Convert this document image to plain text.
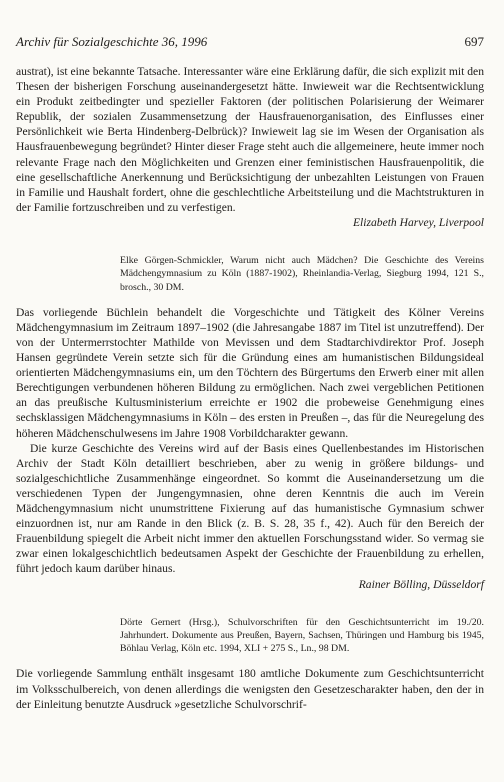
Archiv für Sozialgeschichte 36, 1996	697

austrat), ist eine bekannte Tatsache. Interessanter wäre eine Erklärung dafür, die sich explizit mit den Thesen der bisherigen Forschung auseinandergesetzt hätte. Inwieweit war die Rechtsentwicklung ein Produkt zeitbedingter und spezieller Faktoren (der politischen Polarisierung der Weimarer Republik, der sozialen Zusammensetzung der Hausfrauenorganisation, des Einflusses einer Persönlichkeit wie Berta Hindenberg-Delbrück)? Inwieweit lag sie im Wesen der Organisation als Hausfrauenbewegung begründet? Hinter dieser Frage steht auch die allgemeinere, heute immer noch relevante Frage nach den Möglichkeiten und Grenzen einer feministischen Hausfrauenpolitik, die eine gesellschaftliche Anerkennung und Berücksichtigung der unbezahlten Leistungen von Frauen in Familie und Haushalt fordert, ohne die geschlechtliche Arbeitsteilung und die Machtstrukturen in der Familie fortzuschreiben und zu verfestigen.

Elizabeth Harvey, Liverpool

Elke Görgen-Schmickler, Warum nicht auch Mädchen? Die Geschichte des Vereins Mädchengymnasium zu Köln (1887-1902), Rheinlandia-Verlag, Siegburg 1994, 121 S., brosch., 30 DM.

Das vorliegende Büchlein behandelt die Vorgeschichte und Tätigkeit des Kölner Vereins Mädchengymnasium im Zeitraum 1897–1902 (die Jahresangabe 1887 im Titel ist unzutreffend). Der von der Untermerrstochter Mathilde von Mevissen und dem Stadtarchivdirektor Prof. Joseph Hansen gegründete Verein setzte sich für die Gründung eines am humanistischen Bildungsideal orientierten Mädchengymnasiums ein, um den Töchtern des Bürgertums den Erwerb einer mit allen Berechtigungen verbundenen höheren Bildung zu ermöglichen. Nach zwei vergeblichen Petitionen an das preußische Kultusministerium erreichte er 1902 die probeweise Genehmigung eines sechsklassigen Mädchengymnasiums in Köln – des ersten in Preußen –, das für die Neuregelung des höheren Mädchenschulwesens im Jahre 1908 Vorbildcharakter gewann.

Die kurze Geschichte des Vereins wird auf der Basis eines Quellenbestandes im Historischen Archiv der Stadt Köln detailliert beschrieben, aber zu wenig in größere bildungs- und sozialgeschichtliche Zusammenhänge eingeordnet. So kommt die Auseinandersetzung um die verschiedenen Typen der Jungengymnasien, ohne deren Kenntnis die auch im Verein Mädchengymnasium nicht unumstrittene Fixierung auf das humanistische Gymnasium schwer einzuordnen ist, nur am Rande in den Blick (z. B. S. 28, 35 f., 42). Auch für den Bereich der Frauenbildung spiegelt die Arbeit nicht immer den aktuellen Forschungsstand wider. So vermag sie zwar einen lokalgeschichtlich bedeutsamen Aspekt der Geschichte der Frauenbildung zu erhellen, führt jedoch kaum darüber hinaus.

Rainer Bölling, Düsseldorf

Dörte Gernert (Hrsg.), Schulvorschriften für den Geschichtsunterricht im 19./20. Jahrhundert. Dokumente aus Preußen, Bayern, Sachsen, Thüringen und Hamburg bis 1945, Böhlau Verlag, Köln etc. 1994, XLI + 275 S., Ln., 98 DM.

Die vorliegende Sammlung enthält insgesamt 180 amtliche Dokumente zum Geschichtsunterricht im Volksschulbereich, von denen allerdings die wenigsten den Gesetzescharakter haben, den der in der Einleitung benutzte Ausdruck »gesetzliche Schulvorschrif-
